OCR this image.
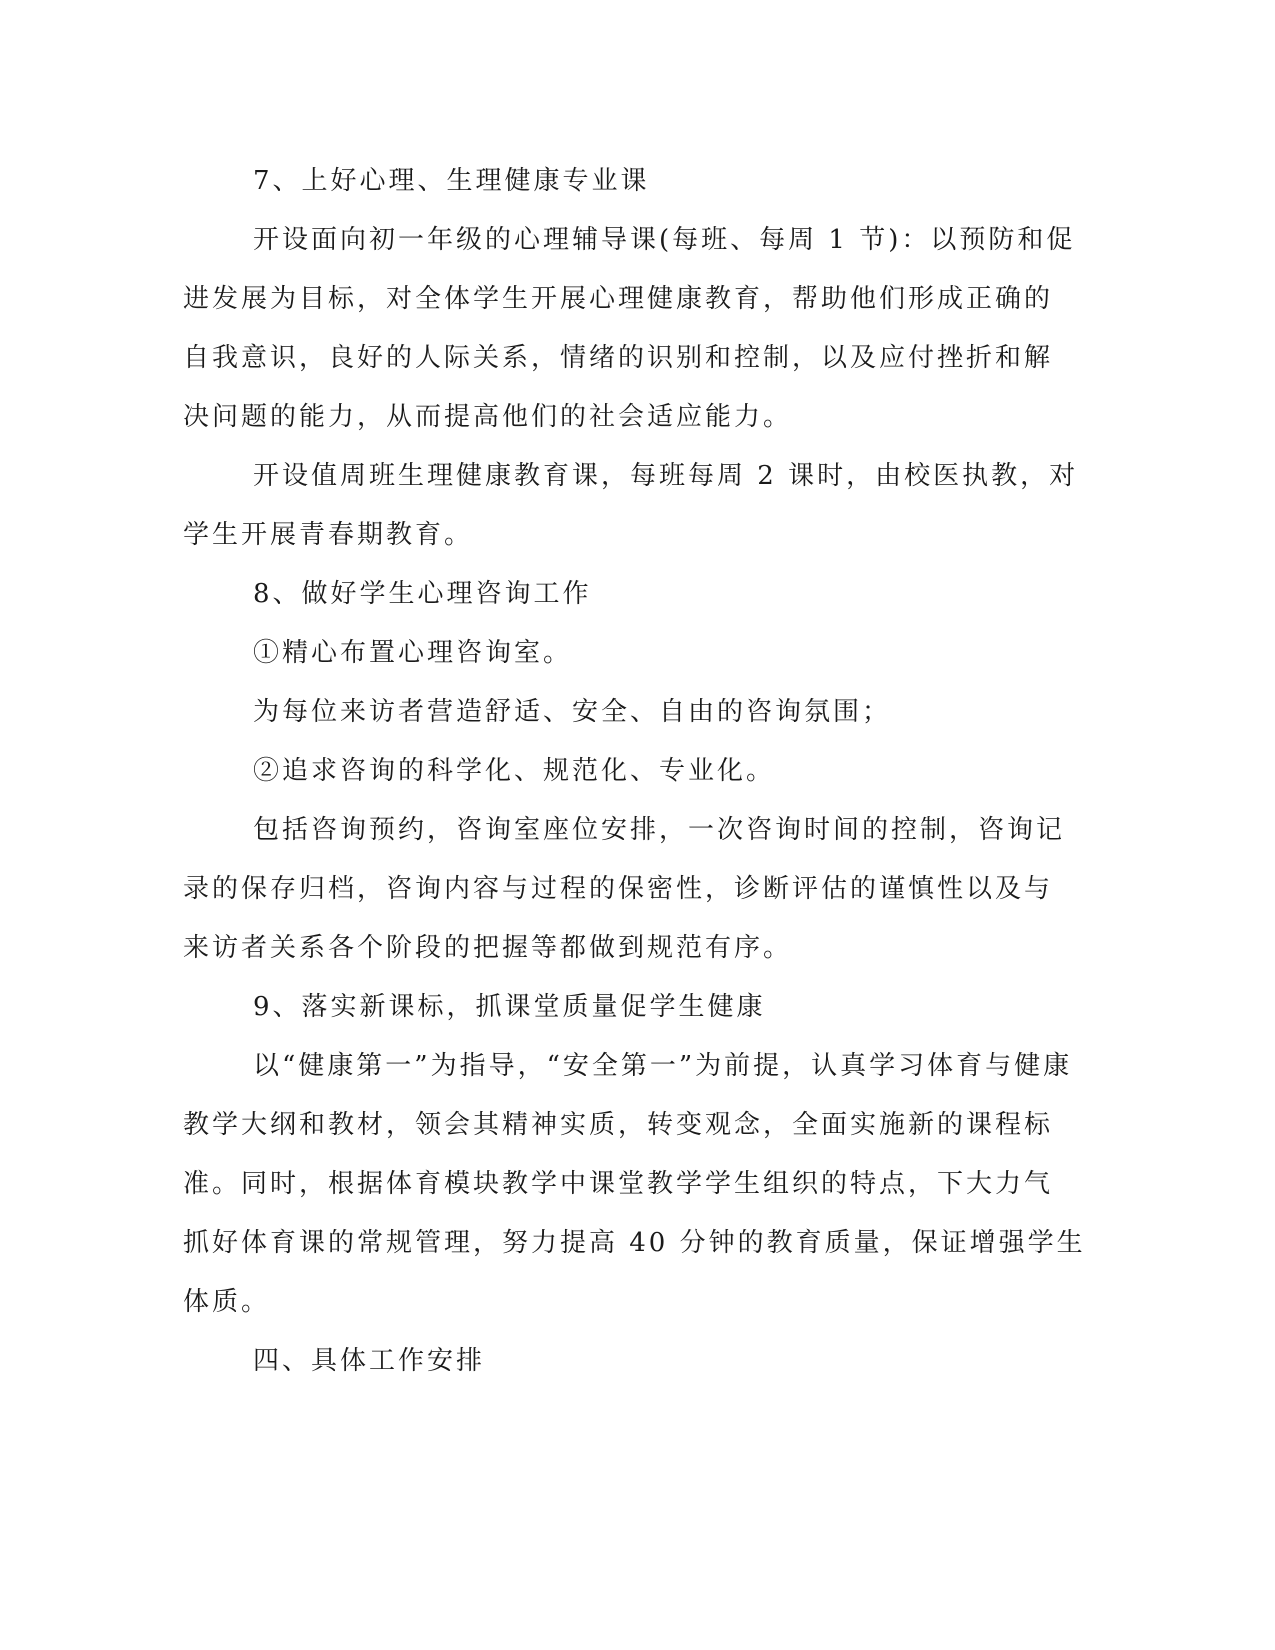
7、上好心理、生理健康专业课
开设面向初一年级的心理辅导课(每班、每周 1 节)：以预防和促
进发展为目标，对全体学生开展心理健康教育，帮助他们形成正确的
自我意识，良好的人际关系，情绪的识别和控制，以及应付挫折和解
决问题的能力，从而提高他们的社会适应能力。
开设值周班生理健康教育课，每班每周 2 课时，由校医执教，对
学生开展青春期教育。
8、做好学生心理咨询工作
①精心布置心理咨询室。
为每位来访者营造舒适、安全、自由的咨询氛围；
②追求咨询的科学化、规范化、专业化。
包括咨询预约，咨询室座位安排，一次咨询时间的控制，咨询记
录的保存归档，咨询内容与过程的保密性，诊断评估的谨慎性以及与
来访者关系各个阶段的把握等都做到规范有序。
9、落实新课标，抓课堂质量促学生健康
以“健康第一”为指导，“安全第一”为前提，认真学习体育与健康
教学大纲和教材，领会其精神实质，转变观念，全面实施新的课程标
准。同时，根据体育模块教学中课堂教学学生组织的特点，下大力气
抓好体育课的常规管理，努力提高 40 分钟的教育质量，保证增强学生
体质。
四、具体工作安排
